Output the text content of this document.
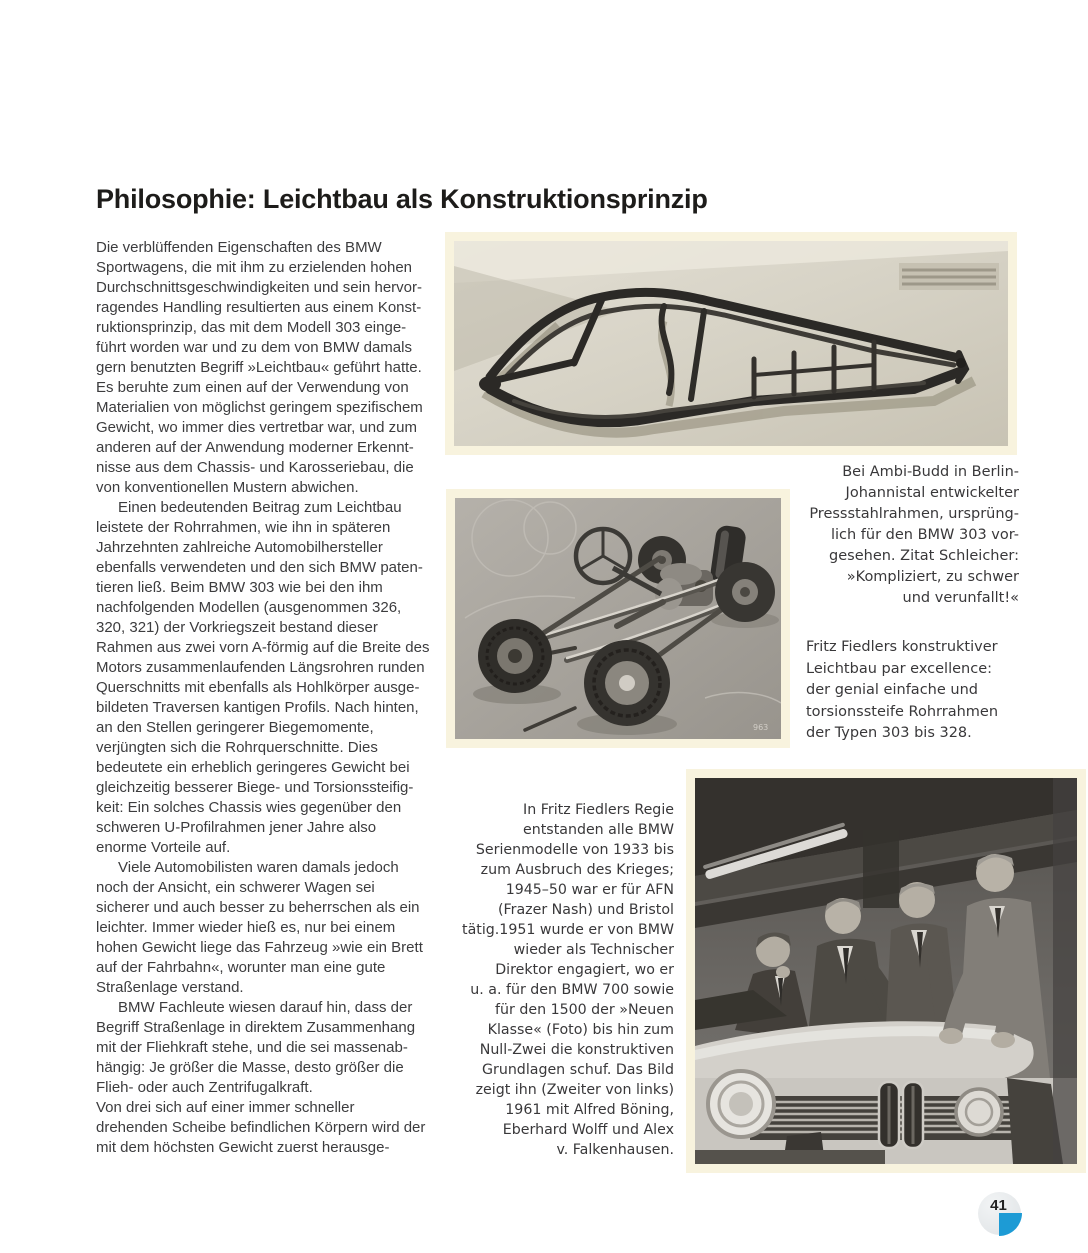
Philosophie: Leichtbau als Konstruktionsprinzip
Die verblüffenden Eigenschaften des BMW
Sportwagens, die mit ihm zu erzielenden hohen
Durchschnittsgeschwindigkeiten und sein hervor-
ragendes Handling resultierten aus einem Konst-
ruktionsprinzip, das mit dem Modell 303 einge-
führt worden war und zu dem von BMW damals
gern benutzten Begriff »Leichtbau« geführt hatte.
Es beruhte zum einen auf der Verwendung von
Materialien von möglichst geringem spezifischem
Gewicht, wo immer dies vertretbar war, und zum
anderen auf der Anwendung moderner Erkennt-
nisse aus dem Chassis- und Karosseriebau, die
von konventionellen Mustern abwichen.
Einen bedeutenden Beitrag zum Leichtbau
leistete der Rohrrahmen, wie ihn in späteren
Jahrzehnten zahlreiche Automobilhersteller
ebenfalls verwendeten und den sich BMW paten-
tieren ließ. Beim BMW 303 wie bei den ihm
nachfolgenden Modellen (ausgenommen 326,
320, 321) der Vorkriegszeit bestand dieser
Rahmen aus zwei vorn A-förmig auf die Breite des
Motors zusammenlaufenden Längsrohren runden
Querschnitts mit ebenfalls als Hohlkörper ausge-
bildeten Traversen kantigen Profils. Nach hinten,
an den Stellen geringerer Biegemomente,
verjüngten sich die Rohrquerschnitte. Dies
bedeutete ein erheblich geringeres Gewicht bei
gleichzeitig besserer Biege- und Torsionssteifig-
keit: Ein solches Chassis wies gegenüber den
schweren U-Profilrahmen jener Jahre also
enorme Vorteile auf.
Viele Automobilisten waren damals jedoch
noch der Ansicht, ein schwerer Wagen sei
sicherer und auch besser zu beherrschen als ein
leichter. Immer wieder hieß es, nur bei einem
hohen Gewicht liege das Fahrzeug »wie ein Brett
auf der Fahrbahn«, worunter man eine gute
Straßenlage verstand.
BMW Fachleute wiesen darauf hin, dass der
Begriff Straßenlage in direktem Zusammenhang
mit der Fliehkraft stehe, und die sei massenab-
hängig: Je größer die Masse, desto größer die
Flieh- oder auch Zentrifugalkraft.
Von drei sich auf einer immer schneller
drehenden Scheibe befindlichen Körpern wird der
mit dem höchsten Gewicht zuerst herausge-
Bei Ambi-Budd in Berlin-
Johannistal entwickelter
Pressstahlrahmen, ursprüng-
lich für den BMW 303 vor-
gesehen. Zitat Schleicher:
»Kompliziert, zu schwer
und verunfallt!«
Fritz Fiedlers konstruktiver
Leichtbau par excellence:
der genial einfache und
torsionssteife Rohrrahmen
der Typen 303 bis 328.
963
In Fritz Fiedlers Regie
entstanden alle BMW
Serienmodelle von 1933 bis
zum Ausbruch des Krieges;
1945–50 war er für AFN
(Frazer Nash) und Bristol
tätig.1951 wurde er von BMW
wieder als Technischer
Direktor engagiert, wo er
u. a. für den BMW 700 sowie
für den 1500 der »Neuen
Klasse« (Foto) bis hin zum
Null-Zwei die konstruktiven
Grundlagen schuf. Das Bild
zeigt ihn (Zweiter von links)
1961 mit Alfred Böning,
Eberhard Wolff und Alex
v. Falkenhausen.
41
